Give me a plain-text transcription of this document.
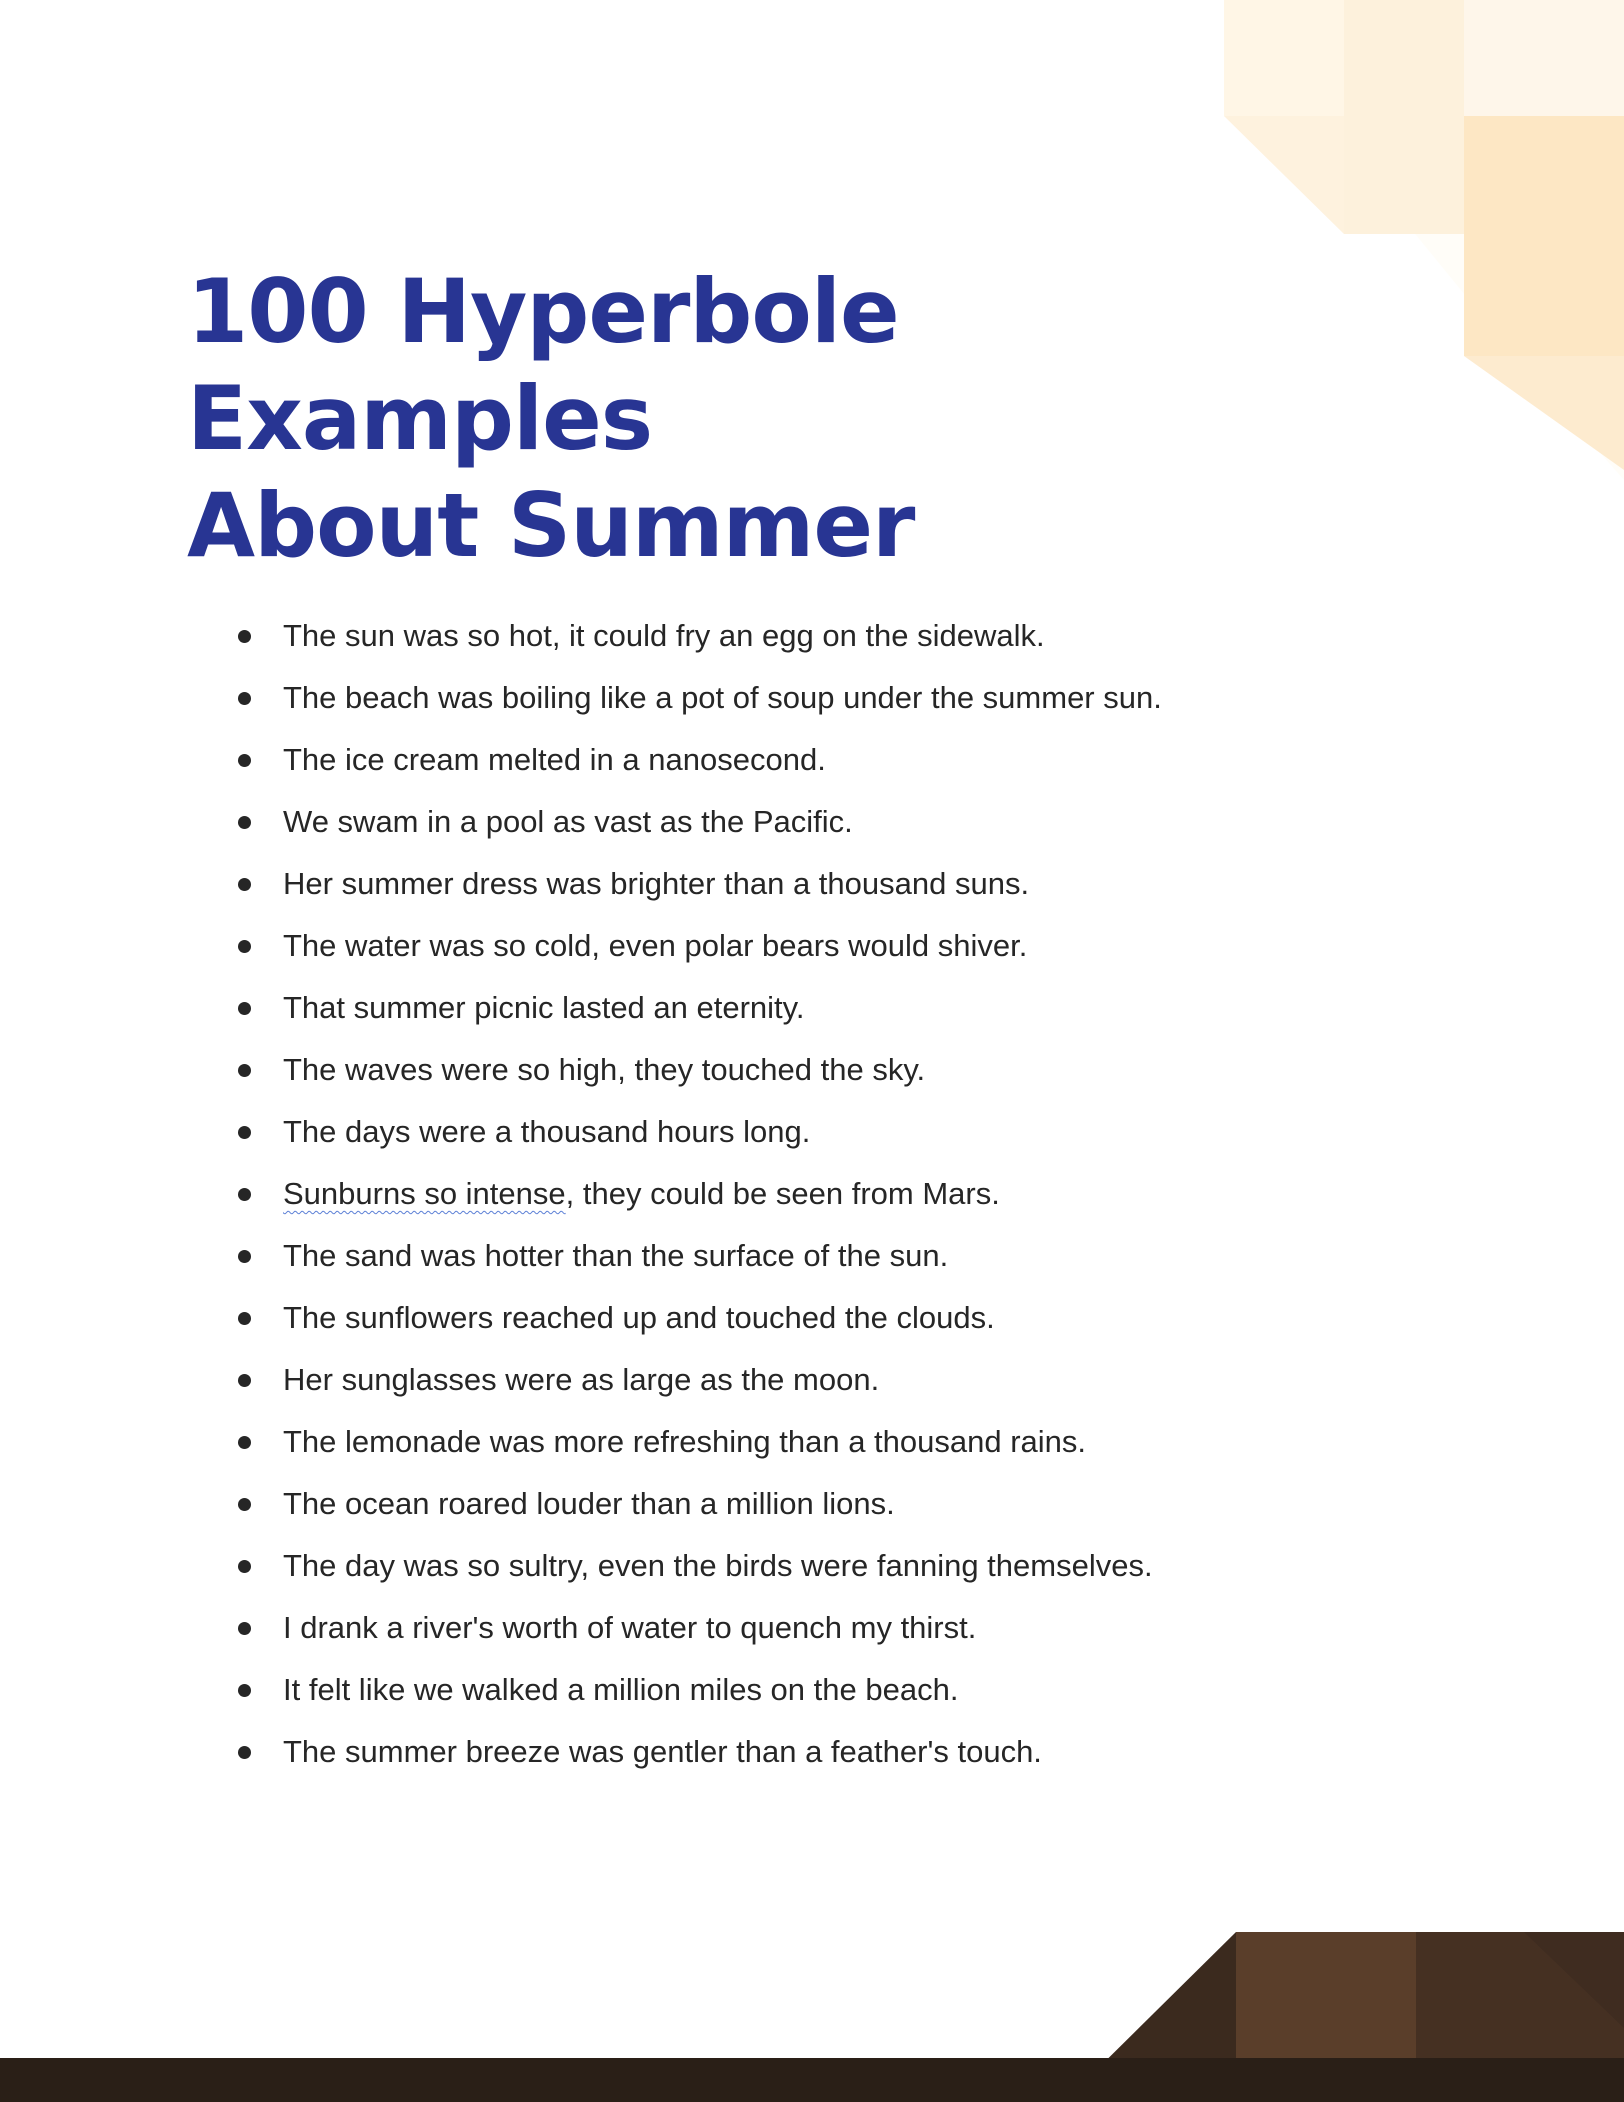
100 Hyperbole Examples About Summer
The sun was so hot, it could fry an egg on the sidewalk.
The beach was boiling like a pot of soup under the summer sun.
The ice cream melted in a nanosecond.
We swam in a pool as vast as the Pacific.
Her summer dress was brighter than a thousand suns.
The water was so cold, even polar bears would shiver.
That summer picnic lasted an eternity.
The waves were so high, they touched the sky.
The days were a thousand hours long.
Sunburns so intense, they could be seen from Mars.
The sand was hotter than the surface of the sun.
The sunflowers reached up and touched the clouds.
Her sunglasses were as large as the moon.
The lemonade was more refreshing than a thousand rains.
The ocean roared louder than a million lions.
The day was so sultry, even the birds were fanning themselves.
I drank a river's worth of water to quench my thirst.
It felt like we walked a million miles on the beach.
The summer breeze was gentler than a feather's touch.
